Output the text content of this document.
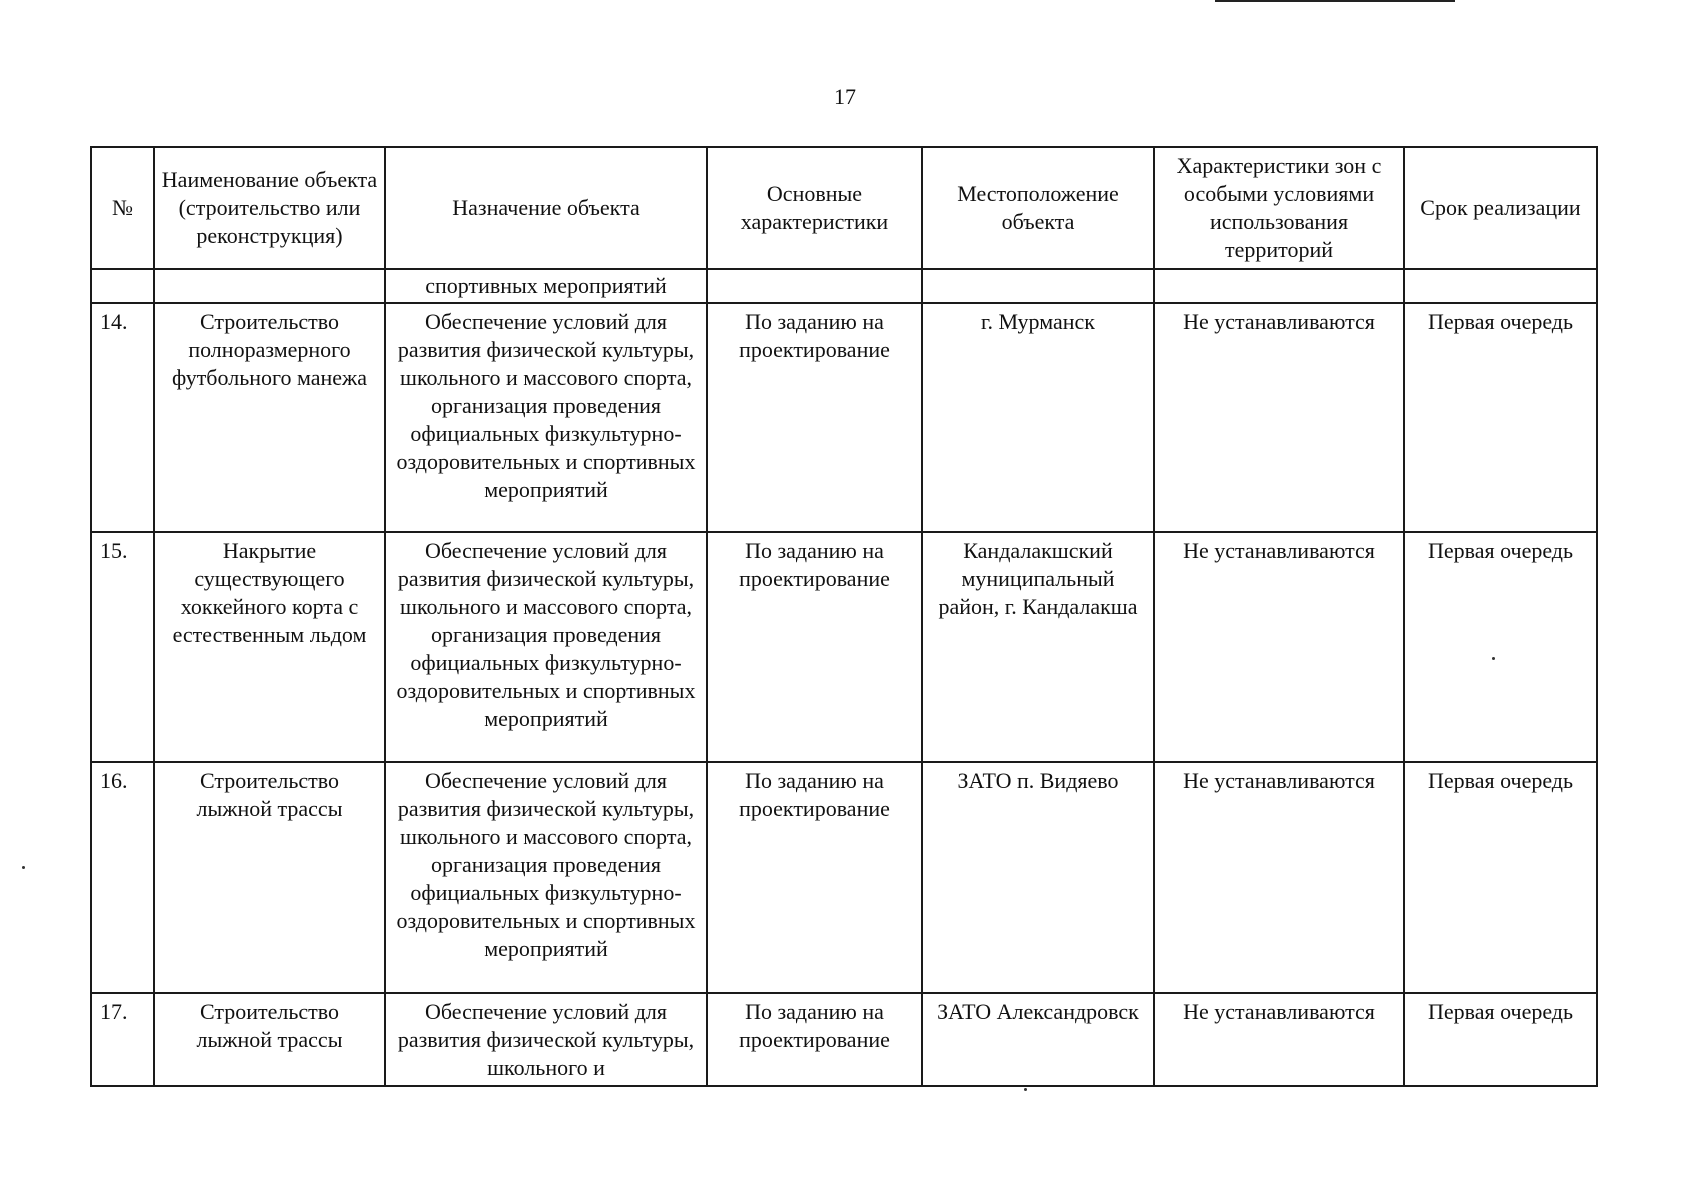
17
№	Наименование объекта (строительство или реконструкция)	Назначение объекта	Основные характеристики	Местоположение объекта	Характеристики зон с особыми условиями использования территорий	Срок реализации
		спортивных мероприятий				
14.	Строительство полноразмерного футбольного манежа	Обеспечение условий для развития физической культуры, школьного и массового спорта, организация проведения официальных физкультурно-оздоровительных и спортивных мероприятий	По заданию на проектирование	г. Мурманск	Не устанавливаются	Первая очередь
15.	Накрытие существующего хоккейного корта с естественным льдом	Обеспечение условий для развития физической культуры, школьного и массового спорта, организация проведения официальных физкультурно-оздоровительных и спортивных мероприятий	По заданию на проектирование	Кандалакшский муниципальный район, г. Кандалакша	Не устанавливаются	Первая очередь
16.	Строительство лыжной трассы	Обеспечение условий для развития физической культуры, школьного и массового спорта, организация проведения официальных физкультурно-оздоровительных и спортивных мероприятий	По заданию на проектирование	ЗАТО п. Видяево	Не устанавливаются	Первая очередь
17.	Строительство лыжной трассы	Обеспечение условий для развития физической культуры, школьного и	По заданию на проектирование	ЗАТО Александровск	Не устанавливаются	Первая очередь
